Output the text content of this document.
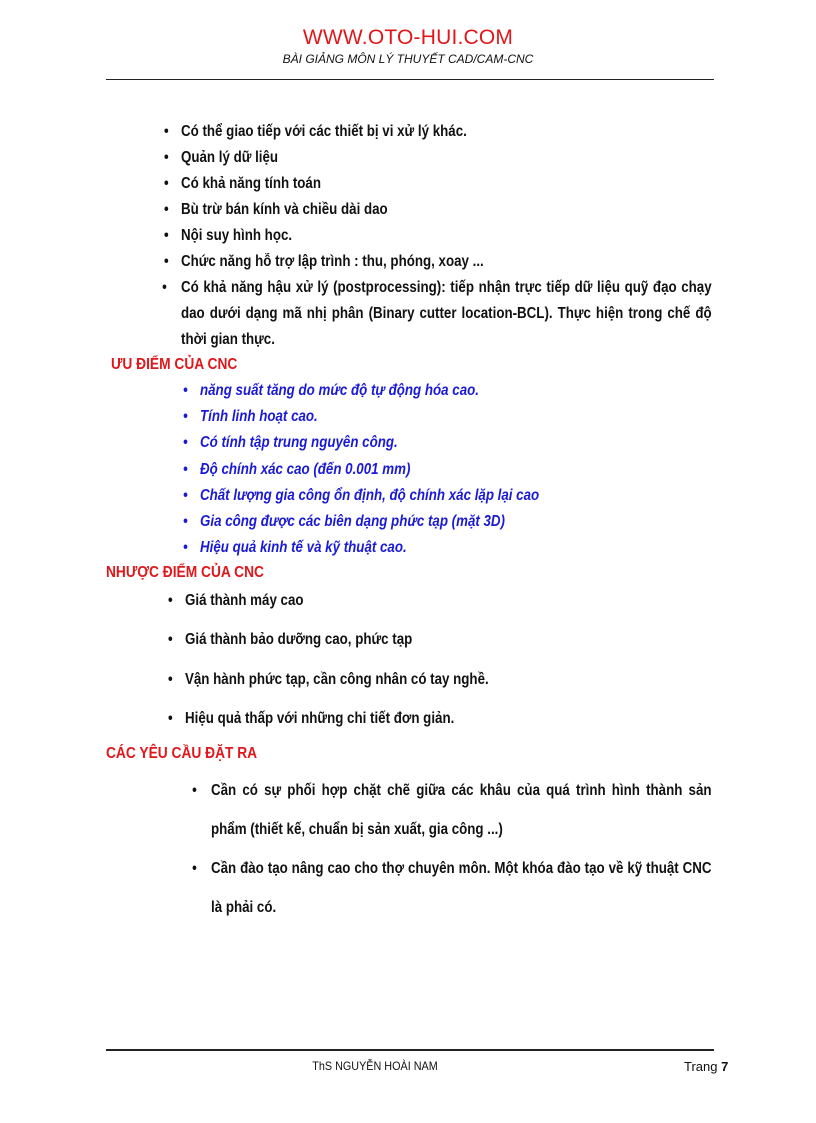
WWW.OTO-HUI.COM
BÀI GIẢNG MÔN LÝ THUYẾT CAD/CAM-CNC
• Có thể giao tiếp với các thiết bị vi xử lý khác.
• Quản lý dữ liệu
• Có khả năng tính toán
• Bù trừ bán kính và chiều dài dao
• Nội suy hình học.
• Chức năng hỗ trợ lập trình : thu, phóng, xoay ...
• Có khả năng hậu xử lý (postprocessing): tiếp nhận trực tiếp dữ liệu quỹ đạo chạy dao dưới dạng mã nhị phân (Binary cutter location-BCL). Thực hiện trong chế độ thời gian thực.
ƯU ĐIỂM CỦA CNC
• năng suất tăng do mức độ tự động hóa cao.
• Tính linh hoạt cao.
• Có tính tập trung nguyên công.
• Độ chính xác cao (đến 0.001 mm)
• Chất lượng gia công ổn định, độ chính xác lặp lại cao
• Gia công được các biên dạng phức tạp (mặt 3D)
• Hiệu quả kinh tế và kỹ thuật cao.
NHƯỢC ĐIỂM CỦA CNC
• Giá thành máy cao
• Giá thành bảo dưỡng cao, phức tạp
• Vận hành phức tạp, cần công nhân có tay nghề.
• Hiệu quả thấp với những chi tiết đơn giản.
CÁC YÊU CẦU ĐẶT RA
• Cần có sự phối hợp chặt chẽ giữa các khâu của quá trình hình thành sản phẩm (thiết kế, chuẩn bị sản xuất, gia công ...)
• Cần đào tạo nâng cao cho thợ chuyên môn. Một khóa đào tạo về kỹ thuật CNC là phải có.
ThS NGUYỄN HOÀI NAM	Trang 7
